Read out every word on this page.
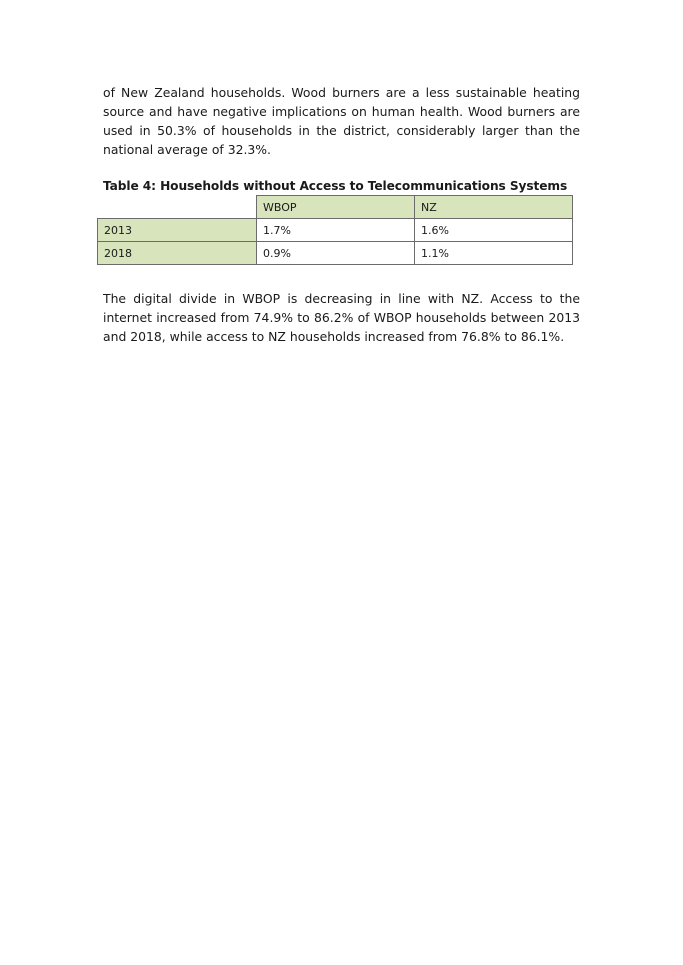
of New Zealand households. Wood burners are a less sustainable heating source and have negative implications on human health. Wood burners are used in 50.3% of households in the district, considerably larger than the national average of 32.3%.

Table 4: Households without Access to Telecommunications Systems

	WBOP	NZ
2013	1.7%	1.6%
2018	0.9%	1.1%

The digital divide in WBOP is decreasing in line with NZ. Access to the internet increased from 74.9% to 86.2% of WBOP households between 2013 and 2018, while access to NZ households increased from 76.8% to 86.1%.
